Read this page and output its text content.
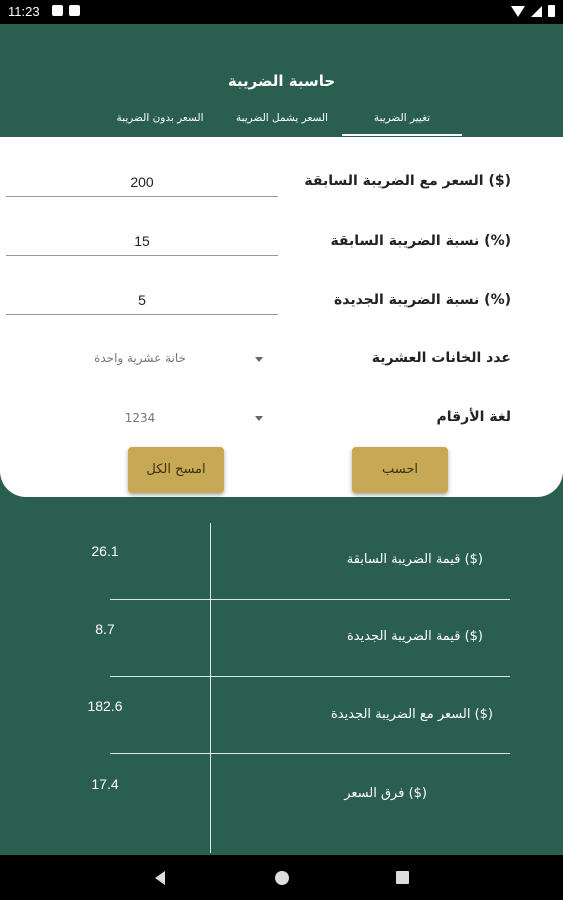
11:23
حاسبة الضريبة
تغيير الضريبة
السعر يشمل الضريبة
السعر بدون الضريبة
السعر مع الضريبة السابقة ($)
200
نسبة الضريبة السابقة (%)
15
نسبة الضريبة الجديدة (%)
5
عدد الخانات العشرية
خانة عشرية واحدة
لغة الأرقام
1234
احسب
امسح الكل
26.1
قيمة الضريبة السابقة ($)
8.7	قيمة الضريبة الجديدة ($)
182.6
السعر مع الضريبة الجديدة ($)
17.4
فرق السعر ($)
